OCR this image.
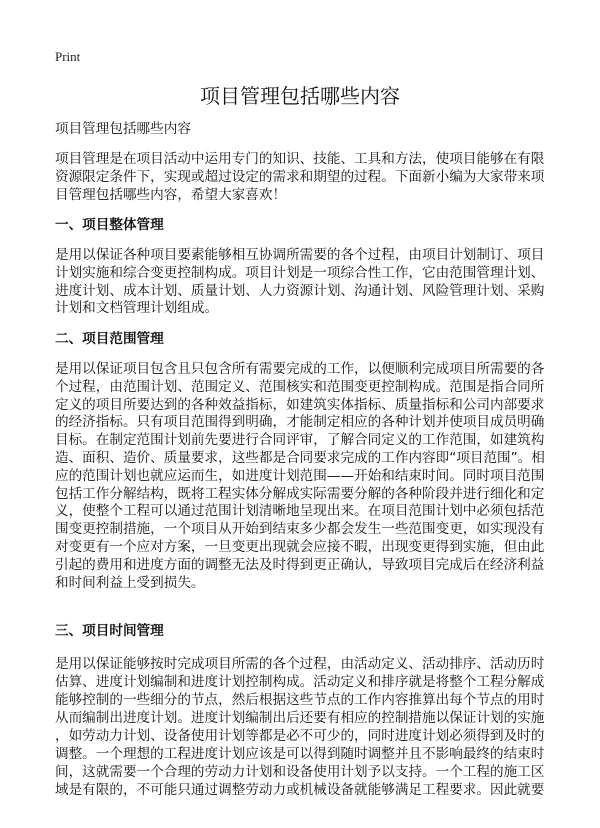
Print
项目管理包括哪些内容
项目管理包括哪些内容
项目管理是在项目活动中运用专门的知识、技能、工具和方法，使项目能够在有限
资源限定条件下，实现或超过设定的需求和期望的过程。下面新小编为大家带来项
目管理包括哪些内容，希望大家喜欢！
一、项目整体管理
是用以保证各种项目要素能够相互协调所需要的各个过程，由项目计划制订、项目
计划实施和综合变更控制构成。项目计划是一项综合性工作，它由范围管理计划、
进度计划、成本计划、质量计划、人力资源计划、沟通计划、风险管理计划、采购
计划和文档管理计划组成。
二、项目范围管理
是用以保证项目包含且只包含所有需要完成的工作，以便顺利完成项目所需要的各
个过程，由范围计划、范围定义、范围核实和范围变更控制构成。范围是指合同所
定义的项目所要达到的各种效益指标，如建筑实体指标、质量指标和公司内部要求
的经济指标。只有项目范围得到明确，才能制定相应的各种计划并使项目成员明确
目标。在制定范围计划前先要进行合同评审，了解合同定义的工作范围，如建筑构
造、面积、造价、质量要求，这些都是合同要求完成的工作内容即“项目范围”。相
应的范围计划也就应运而生，如进度计划范围——开始和结束时间。同时项目范围
包括工作分解结构，既将工程实体分解成实际需要分解的各种阶段并进行细化和定
义，使整个工程可以通过范围计划清晰地呈现出来。在项目范围计划中必须包括范
围变更控制措施，一个项目从开始到结束多少都会发生一些范围变更，如实现没有
对变更有一个应对方案，一旦变更出现就会应接不暇，出现变更得到实施，但由此
引起的费用和进度方面的调整无法及时得到更正确认，导致项目完成后在经济利益
和时间利益上受到损失。
三、项目时间管理
是用以保证能够按时完成项目所需的各个过程，由活动定义、活动排序、活动历时
估算、进度计划编制和进度计划控制构成。活动定义和排序就是将整个工程分解成
能够控制的一些细分的节点，然后根据这些节点的工作内容推算出每个节点的用时
从而编制出进度计划。进度计划编制出后还要有相应的控制措施以保证计划的实施
，如劳动力计划、设备使用计划等都是必不可少的，同时进度计划必须得到及时的
调整。一个理想的工程进度计划应该是可以得到随时调整并且不影响最终的结束时
间，这就需要一个合理的劳动力计划和设备使用计划予以支持。一个工程的施工区
域是有限的，不可能只通过调整劳动力或机械设备就能够满足工程要求。因此就要
